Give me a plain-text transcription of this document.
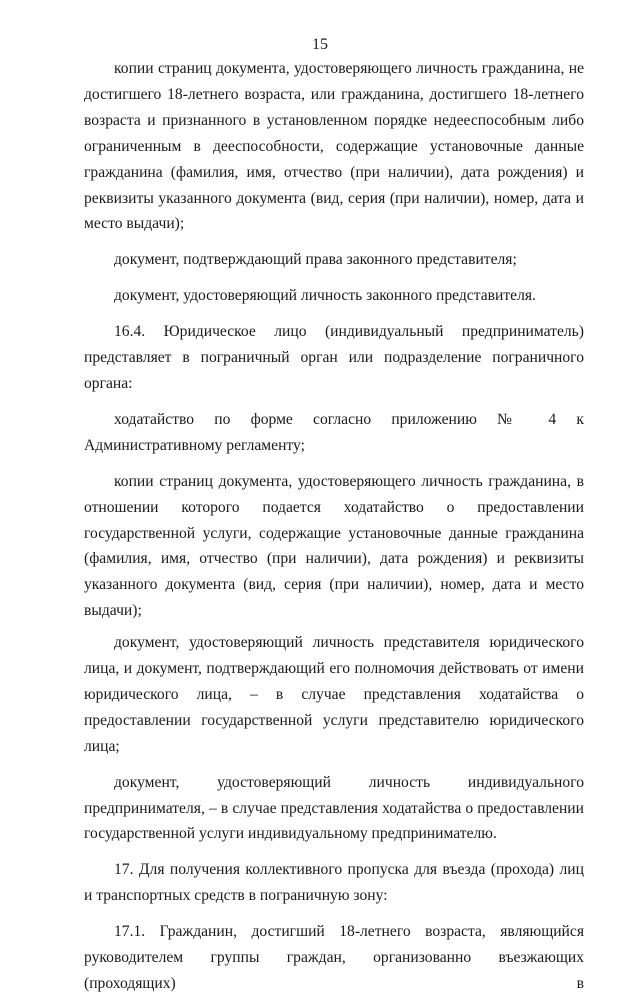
15

копии страниц документа, удостоверяющего личность гражданина, не достигшего 18-летнего возраста, или гражданина, достигшего 18-летнего возраста и признанного в установленном порядке недееспособным либо ограниченным в дееспособности, содержащие установочные данные гражданина (фамилия, имя, отчество (при наличии), дата рождения) и реквизиты указанного документа (вид, серия (при наличии), номер, дата и место выдачи);

документ, подтверждающий права законного представителя;

документ, удостоверяющий личность законного представителя.

16.4. Юридическое лицо (индивидуальный предприниматель) представляет в пограничный орган или подразделение пограничного органа:

ходатайство по форме согласно приложению № 4 к Административному регламенту;

копии страниц документа, удостоверяющего личность гражданина, в отношении которого подается ходатайство о предоставлении государственной услуги, содержащие установочные данные гражданина (фамилия, имя, отчество (при наличии), дата рождения) и реквизиты указанного документа (вид, серия (при наличии), номер, дата и место выдачи);

документ, удостоверяющий личность представителя юридического лица, и документ, подтверждающий его полномочия действовать от имени юридического лица, – в случае представления ходатайства о предоставлении государственной услуги представителю юридического лица;

документ, удостоверяющий личность индивидуального предпринимателя, – в случае представления ходатайства о предоставлении государственной услуги индивидуальному предпринимателю.

17. Для получения коллективного пропуска для въезда (прохода) лиц и транспортных средств в пограничную зону:

17.1. Гражданин, достигший 18-летнего возраста, являющийся руководителем группы граждан, организованно въезжающих (проходящих) в
